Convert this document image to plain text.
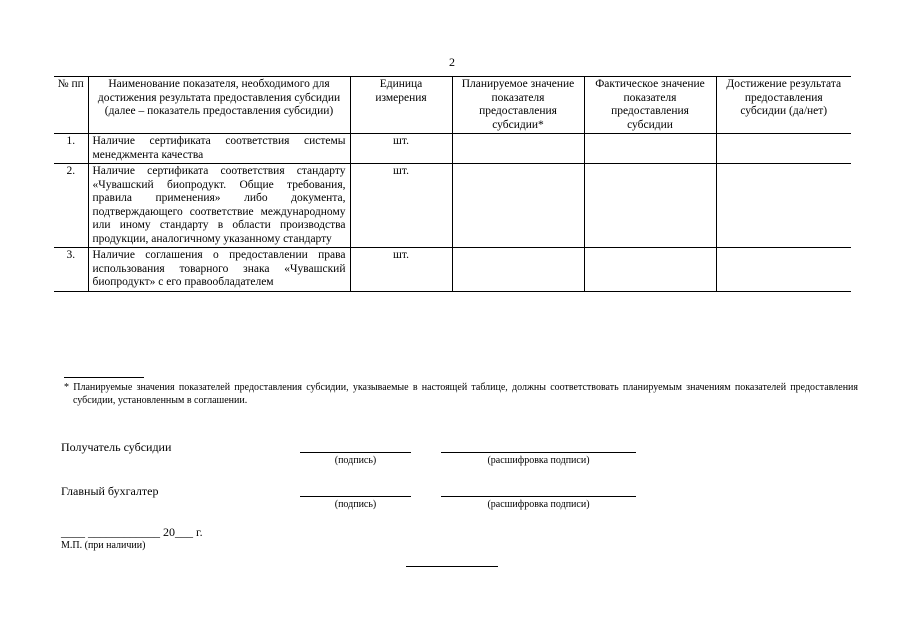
2
№ пп	Наименование показателя, необходимого для достижения результата предоставления субсидии (далее – показатель предоставления субсидии)	Единица измерения	Планируемое значение показателя предоставления субсидии*	Фактическое значение показателя предоставления субсидии	Достижение результата предоставления субсидии (да/нет)
1.	Наличие сертификата соответствия системы менеджмента качества	шт.			
2.	Наличие сертификата соответствия стандарту «Чувашский биопродукт. Общие требования, правила применения» либо документа, подтверждающего соответствие международному или иному стандарту в области производства продукции, аналогичному указанному стандарту	шт.			
3.	Наличие соглашения о предоставлении права использования товарного знака «Чувашский биопродукт» с его правообладателем	шт.			
* Планируемые значения показателей предоставления субсидии, указываемые в настоящей таблице, должны соответствовать планируемым значениям показателей предоставления субсидии, установленным в соглашении.
Получатель субсидии
(подпись)	(расшифровка подписи)
Главный бухгалтер
(подпись)	(расшифровка подписи)
____ ____________ 20___ г.
М.П. (при наличии)
